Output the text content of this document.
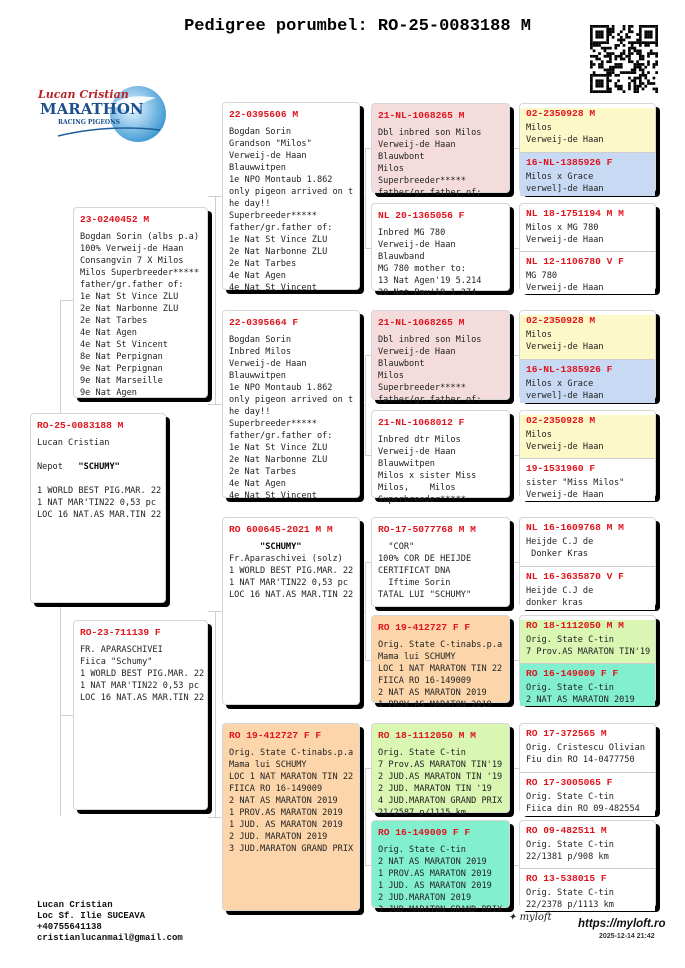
Pedigree porumbel: RO-25-0083188 M
Lucan Cristian
MARATHON
RACING PIGEONS
RO-25-0083188 M
Lucan Cristian

Nepot   "SCHUMY"

1 WORLD BEST PIG.MAR. 22
1 NAT MAR'TIN22 0,53 pc
LOC 16 NAT.AS MAR.TIN 22
23-0240452 M
Bogdan Sorin (albs p.a)
100% Verweij-de Haan
Consangvin 7 X Milos
Milos Superbreeder*****
father/gr.father of:
1e Nat St Vince ZLU
2e Nat Narbonne ZLU
2e Nat Tarbes
4e Nat Agen
4e Nat St Vincent
8e Nat Perpignan
9e Nat Perpignan
9e Nat Marseille
9e Nat Agen
RO-23-711139 F
FR. APARASCHIVEI
Fiica "Schumy"
1 WORLD BEST PIG.MAR. 22
1 NAT MAR'TIN22 0,53 pc
LOC 16 NAT.AS MAR.TIN 22
22-0395606 M
Bogdan Sorin
Grandson "Milos"
Verweij-de Haan
Blauwwitpen
1e NPO Montaub 1.862
only pigeon arrived on t
he day!!
Superbreeder*****
father/gr.father of:
1e Nat St Vince ZLU
2e Nat Narbonne ZLU
2e Nat Tarbes
4e Nat Agen
4e Nat St Vincent
22-0395664 F
Bogdan Sorin
Inbred Milos
Verweij-de Haan
Blauwwitpen
1e NPO Montaub 1.862
only pigeon arrived on t
he day!!
Superbreeder*****
father/gr.father of:
1e Nat St Vince ZLU
2e Nat Narbonne ZLU
2e Nat Tarbes
4e Nat Agen
4e Nat St Vincent
RO 600645-2021 M M
"SCHUMY"
Fr.Aparaschivei (solz)
1 WORLD BEST PIG.MAR. 22
1 NAT MAR'TIN22 0,53 pc
LOC 16 NAT.AS MAR.TIN 22
RO 19-412727 F F
Orig. State C-tinabs.p.a
Mama lui SCHUMY
LOC 1 NAT MARATON TIN 22
FIICA RO 16-149009
2 NAT AS MARATON 2019
1 PROV.AS MARATON 2019
1 JUD. AS MARATON 2019
2 JUD. MARATON 2019
3 JUD.MARATON GRAND PRIX
21-NL-1068265 M
Dbl inbred son Milos
Verweij-de Haan
Blauwbont
Milos
Superbreeder*****
father/gr.father of:
NL 20-1365056 F
Inbred MG 780
Verweij-de Haan
Blauwband
MG 780 mother to:
13 Nat Agen'19 5.214
20 Nat Pau'19 1.274
21-NL-1068265 M
Dbl inbred son Milos
Verweij-de Haan
Blauwbont
Milos
Superbreeder*****
father/gr.father of:
21-NL-1068012 F
Inbred dtr Milos
Verweij-de Haan
Blauwwitpen
Milos x sister Miss
Milos,    Milos
Superbreeder*****
RO-17-5077768 M M
"COR"
100% COR DE HEIJDE
CERTIFICAT DNA
Iftime Sorin
TATAL LUI "SCHUMY"
RO 19-412727 F F
Orig. State C-tinabs.p.a
Mama lui SCHUMY
LOC 1 NAT MARATON TIN 22
FIICA RO 16-149009
2 NAT AS MARATON 2019
1 PROV.AS MARATON 2019
RO 18-1112050 M M
Orig. State C-tin
7 Prov.AS MARATON TIN'19
2 JUD.AS MARATON TIN '19
2 JUD. MARATON TIN '19
4 JUD.MARATON GRAND PRIX
21/2587 p/1115 km
RO 16-149009 F F
Orig. State C-tin
2 NAT AS MARATON 2019
1 PROV.AS MARATON 2019
1 JUD. AS MARATON 2019
2 JUD.MARATON 2019
3 JUD.MARATON GRAND PRIX
02-2350928 M
Milos
Verweij-de Haan
16-NL-1385926 F
Milos x Grace
verwel]-de Haan
NL 18-1751194 M M
Milos x MG 780
Verweij-de Haan
NL 12-1106780 V F
MG 780
Verweij-de Haan
02-2350928 M
Milos
Verweij-de Haan
16-NL-1385926 F
Milos x Grace
verwel]-de Haan
02-2350928 M
Milos
Verweij-de Haan
19-1531960 F
sister "Miss Milos"
Verweij-de Haan
NL 16-1609768 M M
Heijde C.J de
Donker Kras
NL 16-3635870 V F
Heijde C.J de
donker kras
RO 18-1112050 M M
Orig. State C-tin
7 Prov.AS MARATON TIN'19
RO 16-149009 F F
Orig. State C-tin
2 NAT AS MARATON 2019
RO 17-372565 M
Orig. Cristescu Olivian
Fiu din RO 14-0477750
RO 17-3005065 F
Orig. State C-tin
Fiica din RO 09-482554
RO 09-482511 M
Orig. State C-tin
22/1381 p/908 km
RO 13-538015 F
Orig. State C-tin
22/2378 p/1113 km
Lucan Cristian
Loc Sf. Ilie SUCEAVA
+40755641138
cristianlucanmail@gmail.com
✦ myloft
https://myloft.ro
2025-12-14 21:42
